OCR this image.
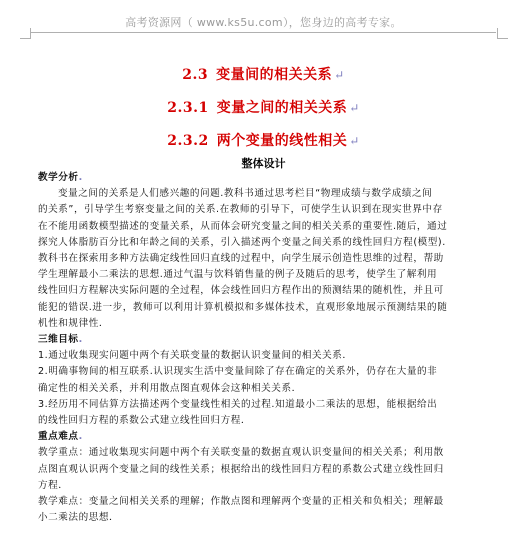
高考资源网（ www.ks5u.com），您身边的高考专家。
2.3 变量间的相关关系 ↵
2.3.1 变量之间的相关关系 ↵
2.3.2 两个变量的线性相关 ↵
整体设计
教学分析.
变量之间的关系是人们感兴趣的问题.教科书通过思考栏目“物理成绩与数学成绩之间
的关系”，引导学生考察变量之间的关系.在教师的引导下，可使学生认识到在现实世界中存
在不能用函数模型描述的变量关系，从而体会研究变量之间的相关关系的重要性.随后，通过
探究人体脂肪百分比和年龄之间的关系，引入描述两个变量之间关系的线性回归方程(模型).
教科书在探索用多种方法确定线性回归直线的过程中，向学生展示创造性思维的过程，帮助
学生理解最小二乘法的思想.通过气温与饮料销售量的例子及随后的思考，使学生了解利用
线性回归方程解决实际问题的全过程，体会线性回归方程作出的预测结果的随机性，并且可
能犯的错误.进一步，教师可以利用计算机模拟和多媒体技术，直观形象地展示预测结果的随
机性和规律性．
三维目标.
1.通过收集现实问题中两个有关联变量的数据认识变量间的相关关系．
2.明确事物间的相互联系.认识现实生活中变量间除了存在确定的关系外，仍存在大量的非
确定性的相关关系，并利用散点图直观体会这种相关关系．
3.经历用不同估算方法描述两个变量线性相关的过程.知道最小二乘法的思想，能根据给出
的线性回归方程的系数公式建立线性回归方程．
重点难点.
教学重点：通过收集现实问题中两个有关联变量的数据直观认识变量间的相关关系；利用散
点图直观认识两个变量之间的线性关系；根据给出的线性回归方程的系数公式建立线性回归
方程．
教学难点：变量之间相关关系的理解；作散点图和理解两个变量的正相关和负相关；理解最
小二乘法的思想．
